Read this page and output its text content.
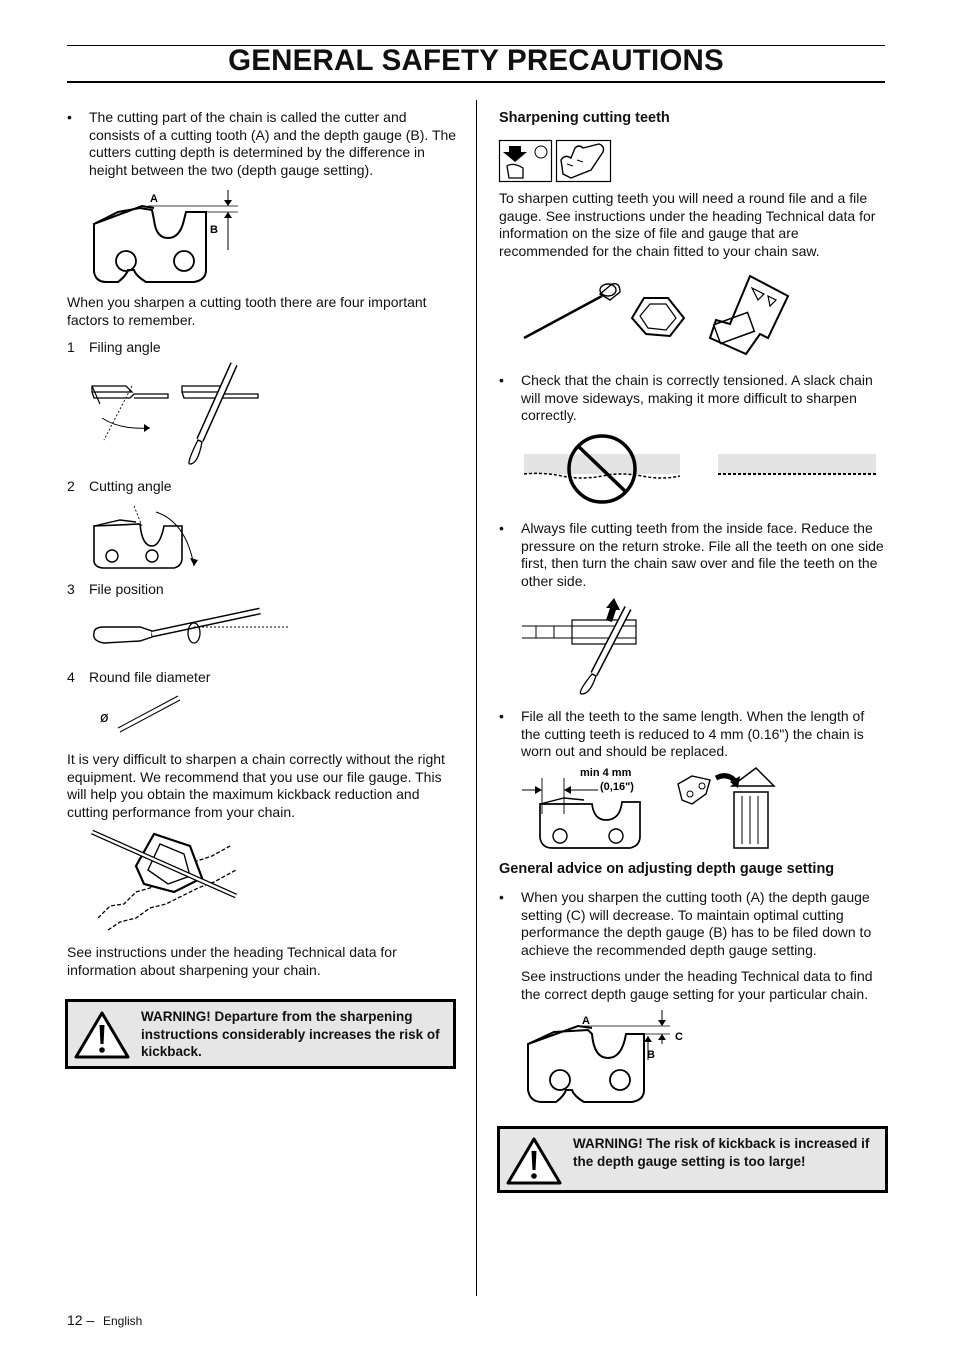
GENERAL SAFETY PRECAUTIONS
• The cutting part of the chain is called the cutter and consists of a cutting tooth (A) and the depth gauge (B). The cutters cutting depth is determined by the difference in height between the two (depth gauge setting).
A
B
When you sharpen a cutting tooth there are four important factors to remember.
1 Filing angle
2 Cutting angle
3 File position
4 Round file diameter
ø
It is very difficult to sharpen a chain correctly without the right equipment. We recommend that you use our file gauge. This will help you obtain the maximum kickback reduction and cutting performance from your chain.
See instructions under the heading Technical data for information about sharpening your chain.
WARNING! Departure from the sharpening instructions considerably increases the risk of kickback.
Sharpening cutting teeth
To sharpen cutting teeth you will need a round file and a file gauge. See instructions under the heading Technical data for information on the size of file and gauge that are recommended for the chain fitted to your chain saw.
• Check that the chain is correctly tensioned. A slack chain will move sideways, making it more difficult to sharpen correctly.
• Always file cutting teeth from the inside face. Reduce the pressure on the return stroke. File all the teeth on one side first, then turn the chain saw over and file the teeth on the other side.
• File all the teeth to the same length. When the length of the cutting teeth is reduced to 4 mm (0.16") the chain is worn out and should be replaced.
min 4 mm
(0,16")
General advice on adjusting depth gauge setting
• When you sharpen the cutting tooth (A) the depth gauge setting (C) will decrease. To maintain optimal cutting performance the depth gauge (B) has to be filed down to achieve the recommended depth gauge setting.
See instructions under the heading Technical data to find the correct depth gauge setting for your particular chain.
A
B
C
WARNING! The risk of kickback is increased if the depth gauge setting is too large!
12 – English
